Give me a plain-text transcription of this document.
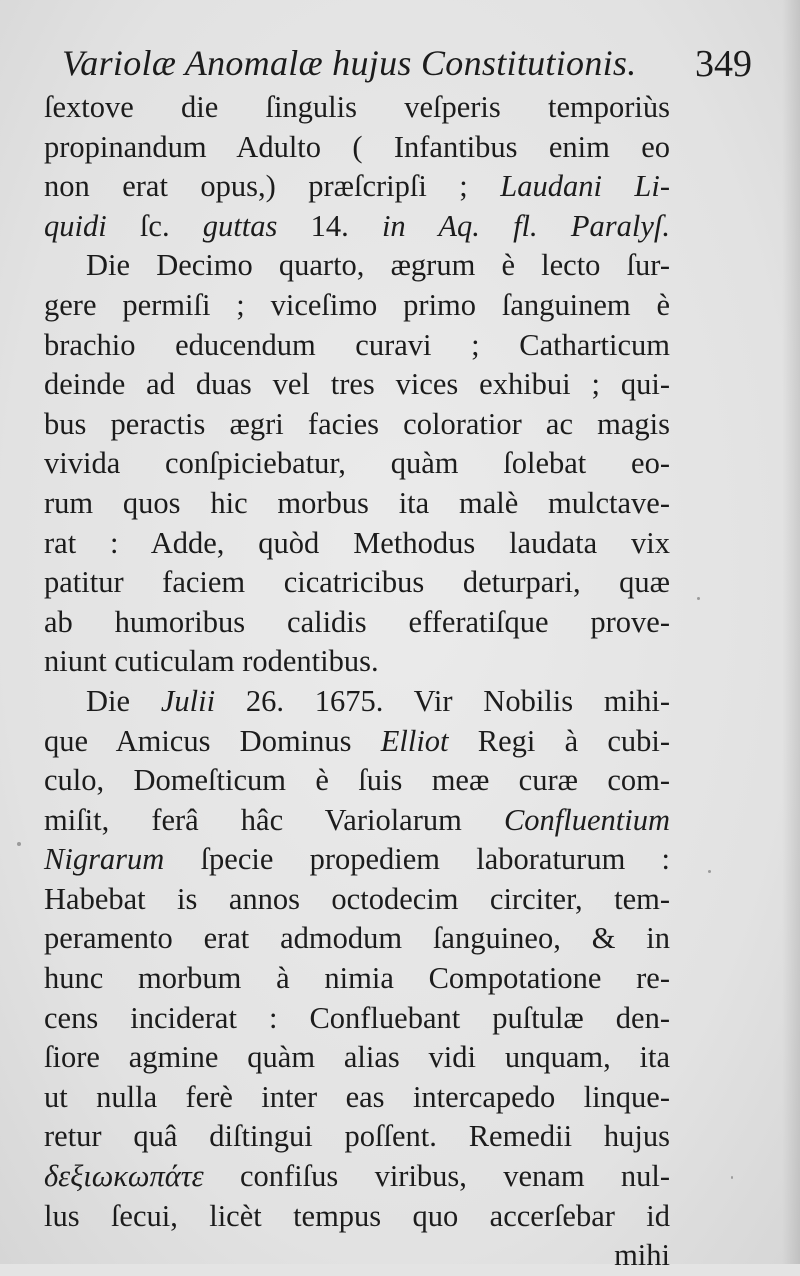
Variolæ Anomalæ hujus Constitutionis. 349
ſextove die ſingulis veſperis temporiùs
propinandum Adulto ( Infantibus enim eo
non erat opus,) præſcripſi ; Laudani Li-
quidi ſc. guttas 14. in Aq. fl. Paralyſ.
Die Decimo quarto, ægrum è lecto ſur-
gere permiſi ; viceſimo primo ſanguinem è
brachio educendum curavi ; Catharticum
deinde ad duas vel tres vices exhibui ; qui-
bus peractis ægri facies coloratior ac magis
vivida conſpiciebatur, quàm ſolebat eo-
rum quos hic morbus ita malè mulctave-
rat : Adde, quòd Methodus laudata vix
patitur faciem cicatricibus deturpari, quæ
ab humoribus calidis efferatiſque prove-
niunt cuticulam rodentibus.
Die Julii 26. 1675. Vir Nobilis mihi-
que Amicus Dominus Elliot Regi à cubi-
culo, Domeſticum è ſuis meæ curæ com-
miſit, ferâ hâc Variolarum Confluentium
Nigrarum ſpecie propediem laboraturum :
Habebat is annos octodecim circiter, tem-
peramento erat admodum ſanguineo, & in
hunc morbum à nimia Compotatione re-
cens inciderat : Confluebant puſtulæ den-
ſiore agmine quàm alias vidi unquam, ita
ut nulla ferè inter eas intercapedo linque-
retur quâ diſtingui poſſent. Remedii hujus
δεξιωκωπάτε confiſus viribus, venam nul-
lus ſecui, licèt tempus quo accerſebar id
mihi
